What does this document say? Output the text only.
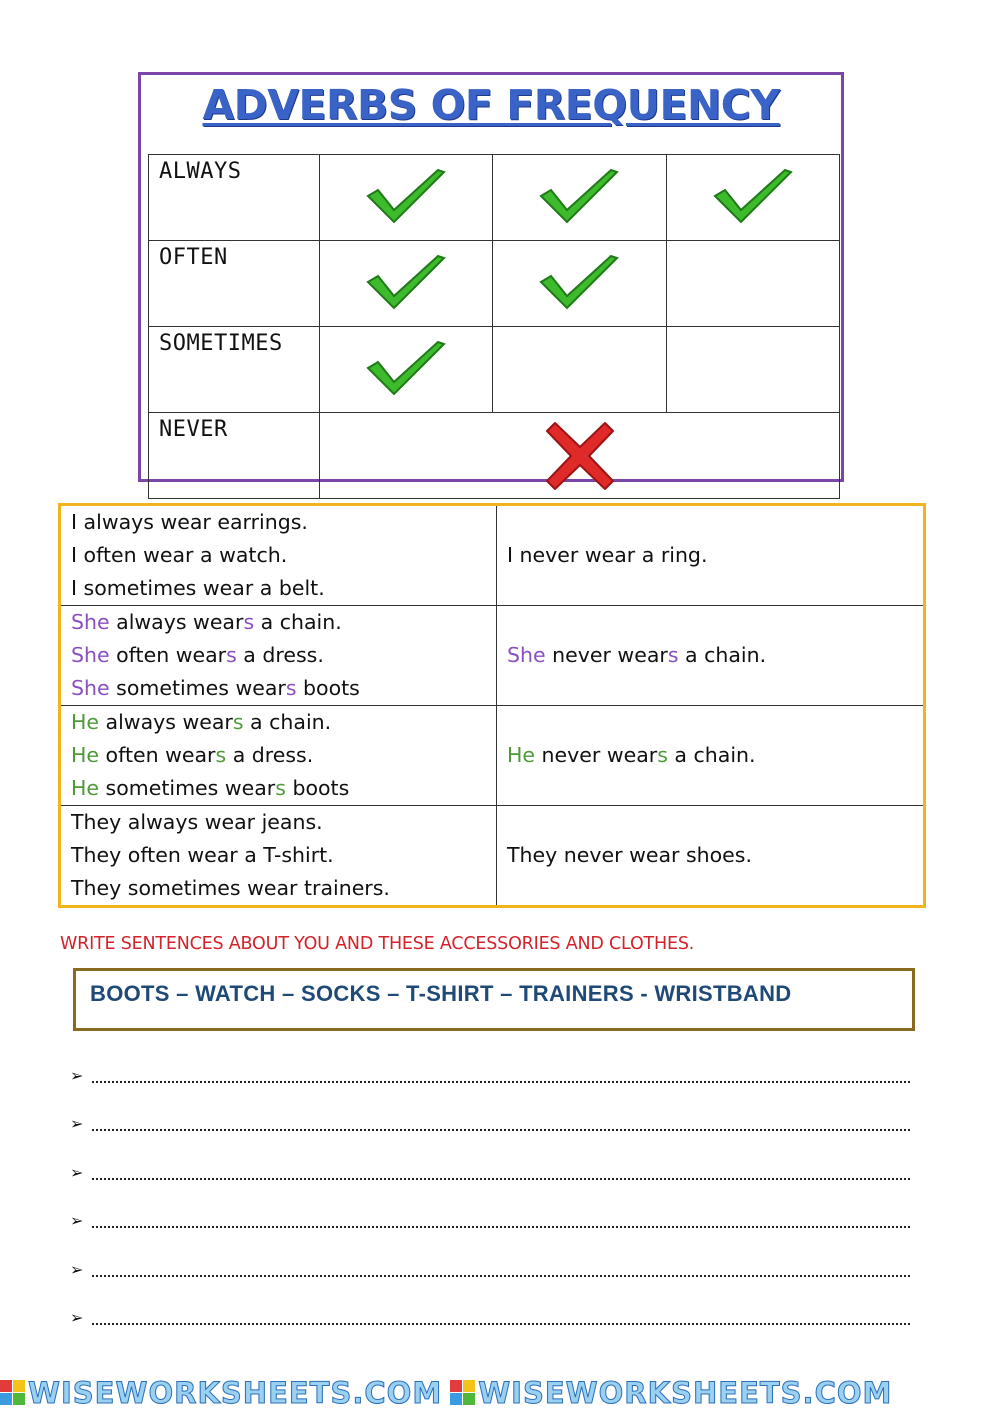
ADVERBS OF FREQUENCY
ALWAYS			
OFTEN			
SOMETIMES			
NEVER	
I always wear earrings.
I often wear a watch.
I sometimes wear a belt.	I never wear a ring.

She always wears a chain.
She often wears a dress.
She sometimes wears boots	She never wears a chain.

He always wears a chain.
He often wears a dress.
He sometimes wears boots	He never wears a chain.

They always wear jeans.
They often wear a T-shirt.
They sometimes wear trainers.	They never wear shoes.
WRITE SENTENCES ABOUT YOU AND THESE ACCESSORIES AND CLOTHES.
BOOTS – WATCH – SOCKS – T-SHIRT – TRAINERS - WRISTBAND
➢
➢
➢
➢
➢
➢
WISEWORKSHEETS.COM WISEWORKSHEETS.COM
